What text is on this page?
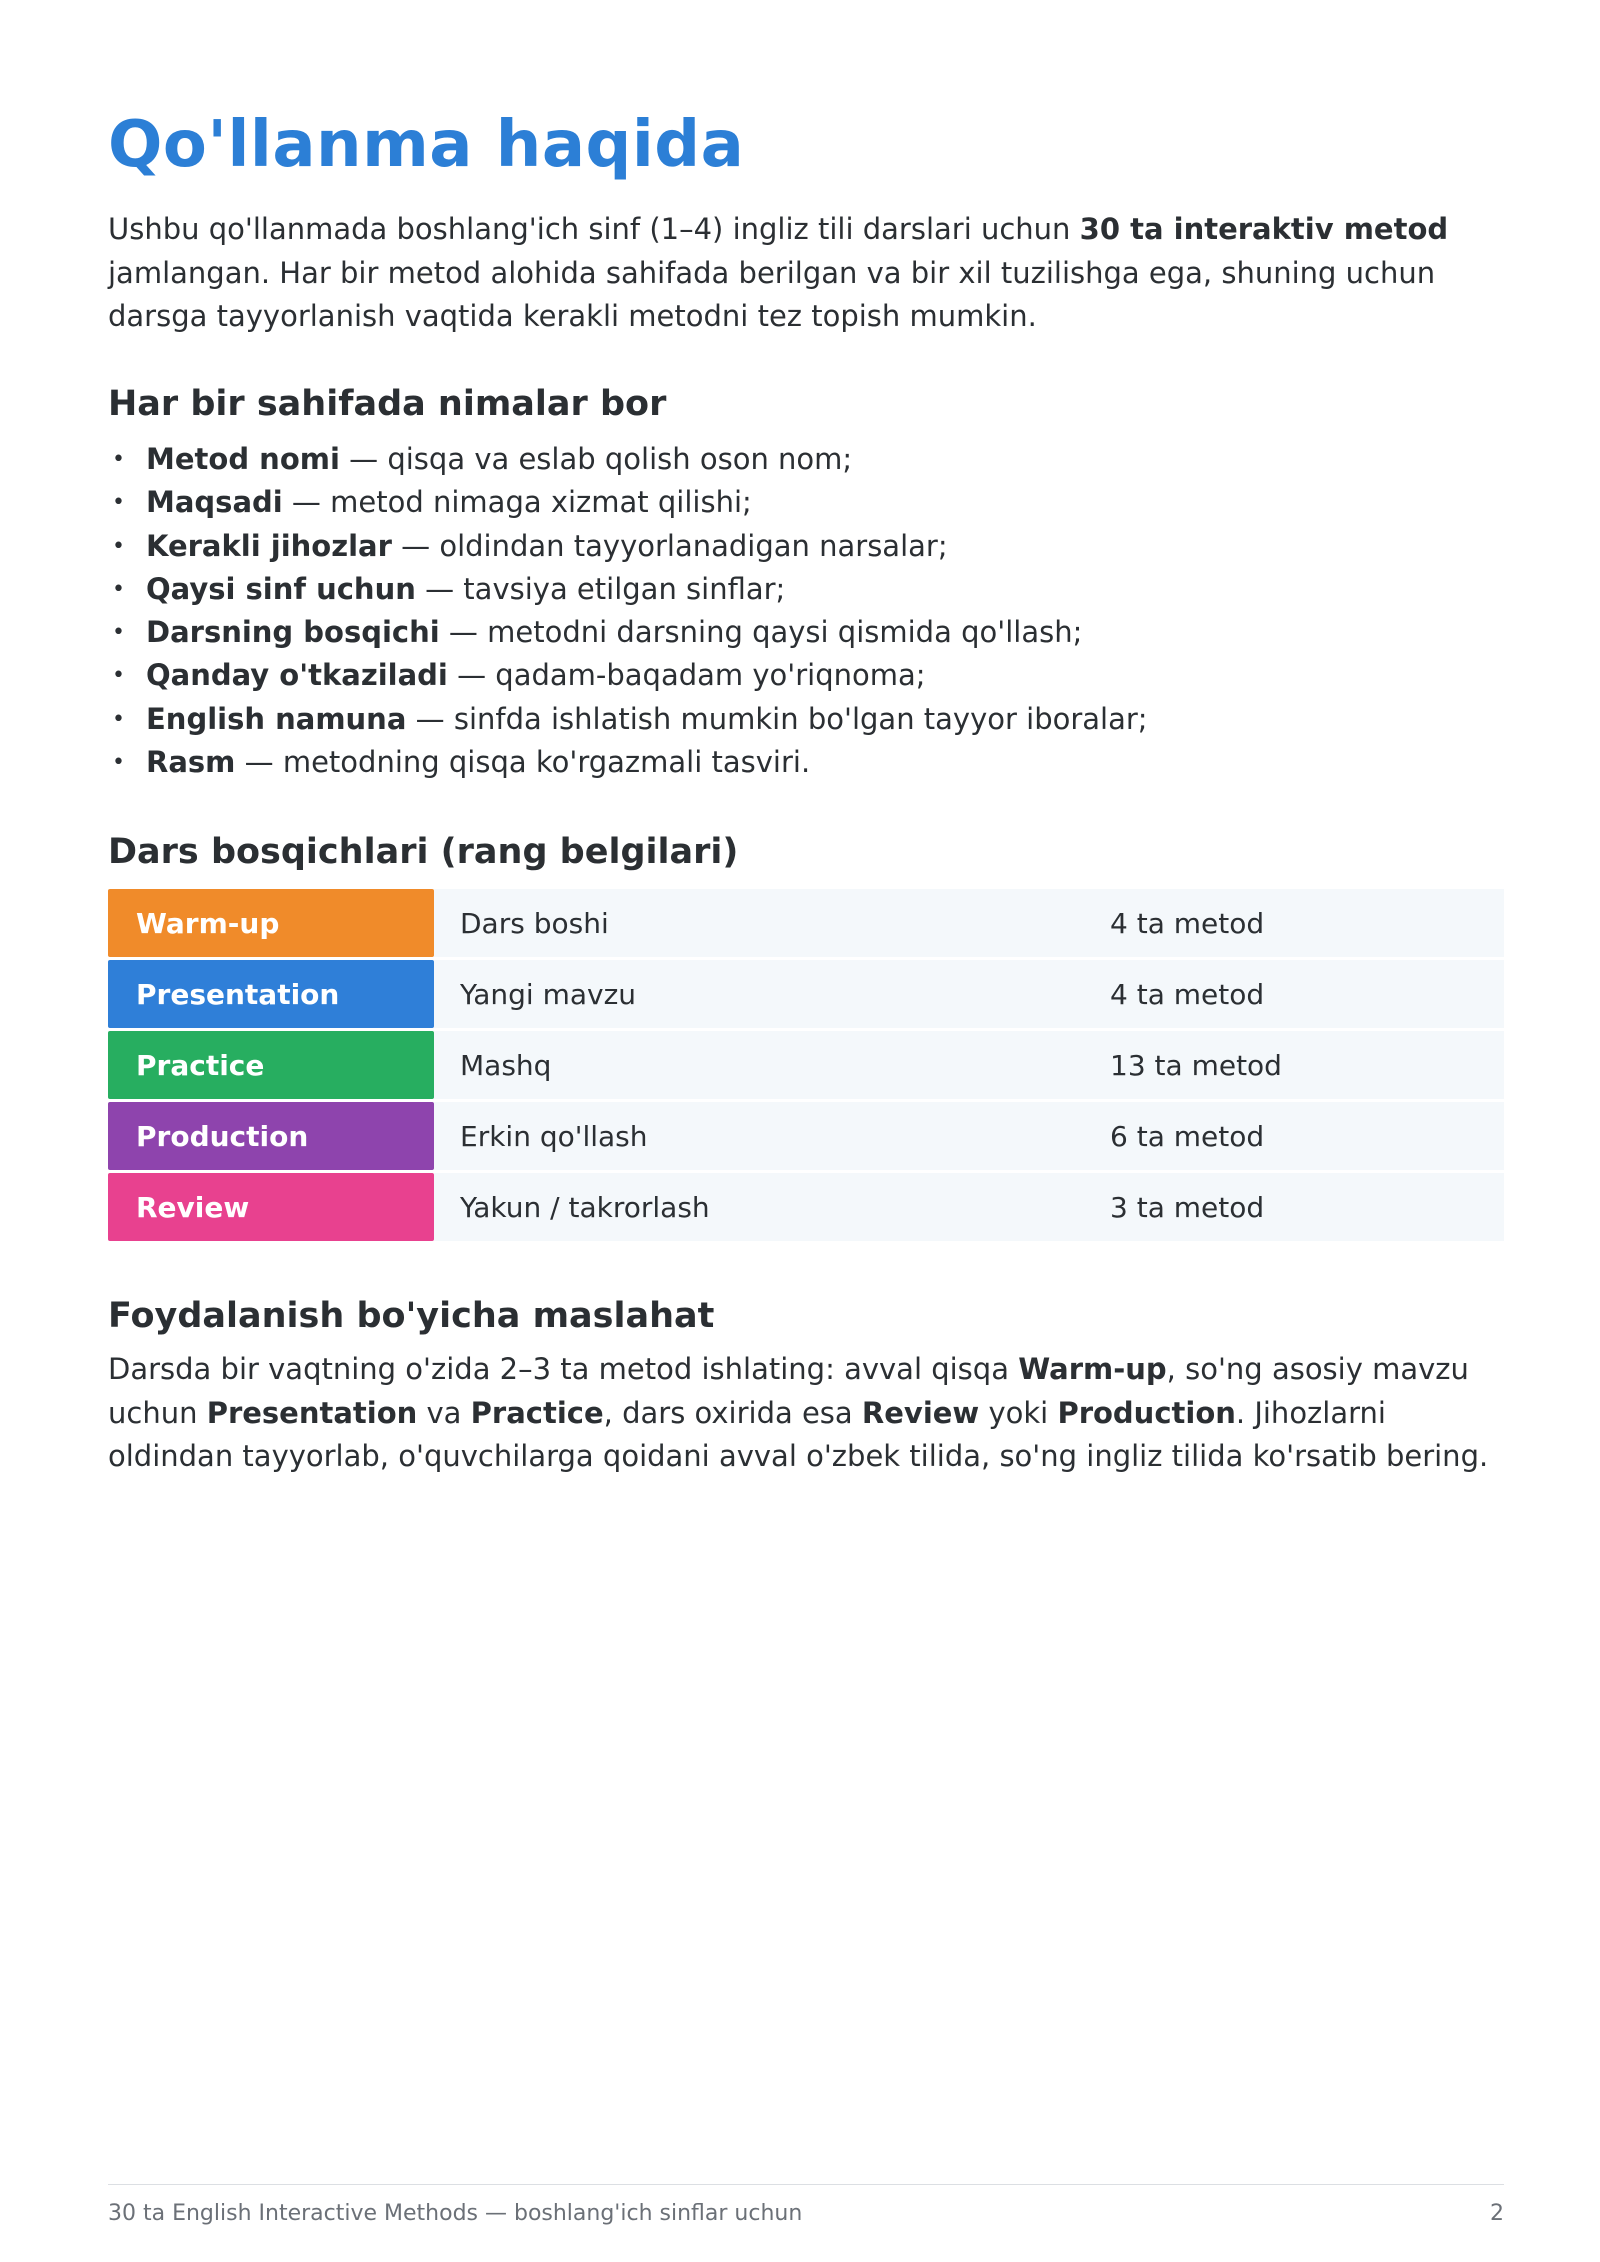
Qo'llanma haqida

Ushbu qo'llanmada boshlang'ich sinf (1–4) ingliz tili darslari uchun 30 ta interaktiv metod jamlangan. Har bir metod alohida sahifada berilgan va bir xil tuzilishga ega, shuning uchun darsga tayyorlanish vaqtida kerakli metodni tez topish mumkin.

Har bir sahifada nimalar bor
• Metod nomi — qisqa va eslab qolish oson nom;
• Maqsadi — metod nimaga xizmat qilishi;
• Kerakli jihozlar — oldindan tayyorlanadigan narsalar;
• Qaysi sinf uchun — tavsiya etilgan sinflar;
• Darsning bosqichi — metodni darsning qaysi qismida qo'llash;
• Qanday o'tkaziladi — qadam-baqadam yo'riqnoma;
• English namuna — sinfda ishlatish mumkin bo'lgan tayyor iboralar;
• Rasm — metodning qisqa ko'rgazmali tasviri.
Dars bosqichlari (rang belgilari)
Warm-up	Dars boshi	4 ta metod
Presentation	Yangi mavzu	4 ta metod
Practice	Mashq	13 ta metod
Production	Erkin qo'llash	6 ta metod
Review	Yakun / takrorlash	3 ta metod
Foydalanish bo'yicha maslahat

Darsda bir vaqtning o'zida 2–3 ta metod ishlating: avval qisqa Warm-up, so'ng asosiy mavzu uchun Presentation va Practice, dars oxirida esa Review yoki Production. Jihozlarni oldindan tayyorlab, o'quvchilarga qoidani avval o'zbek tilida, so'ng ingliz tilida ko'rsatib bering.

30 ta English Interactive Methods — boshlang'ich sinflar uchun	2
